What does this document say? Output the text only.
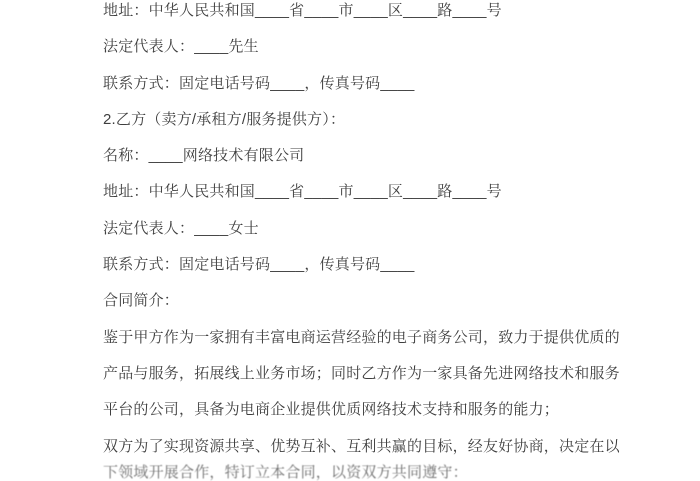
地址：中华人民共和国____省____市____区____路____号
法定代表人：____先生
联系方式：固定电话号码____，传真号码____
2.乙方（卖方/承租方/服务提供方）：
名称：____网络技术有限公司
地址：中华人民共和国____省____市____区____路____号
法定代表人：____女士
联系方式：固定电话号码____，传真号码____
合同简介：
鉴于甲方作为一家拥有丰富电商运营经验的电子商务公司，致力于提供优质的
产品与服务，拓展线上业务市场；同时乙方作为一家具备先进网络技术和服务
平台的公司，具备为电商企业提供优质网络技术支持和服务的能力；
双方为了实现资源共享、优势互补、互利共赢的目标，经友好协商，决定在以
下领域开展合作，特订立本合同，以资双方共同遵守：
